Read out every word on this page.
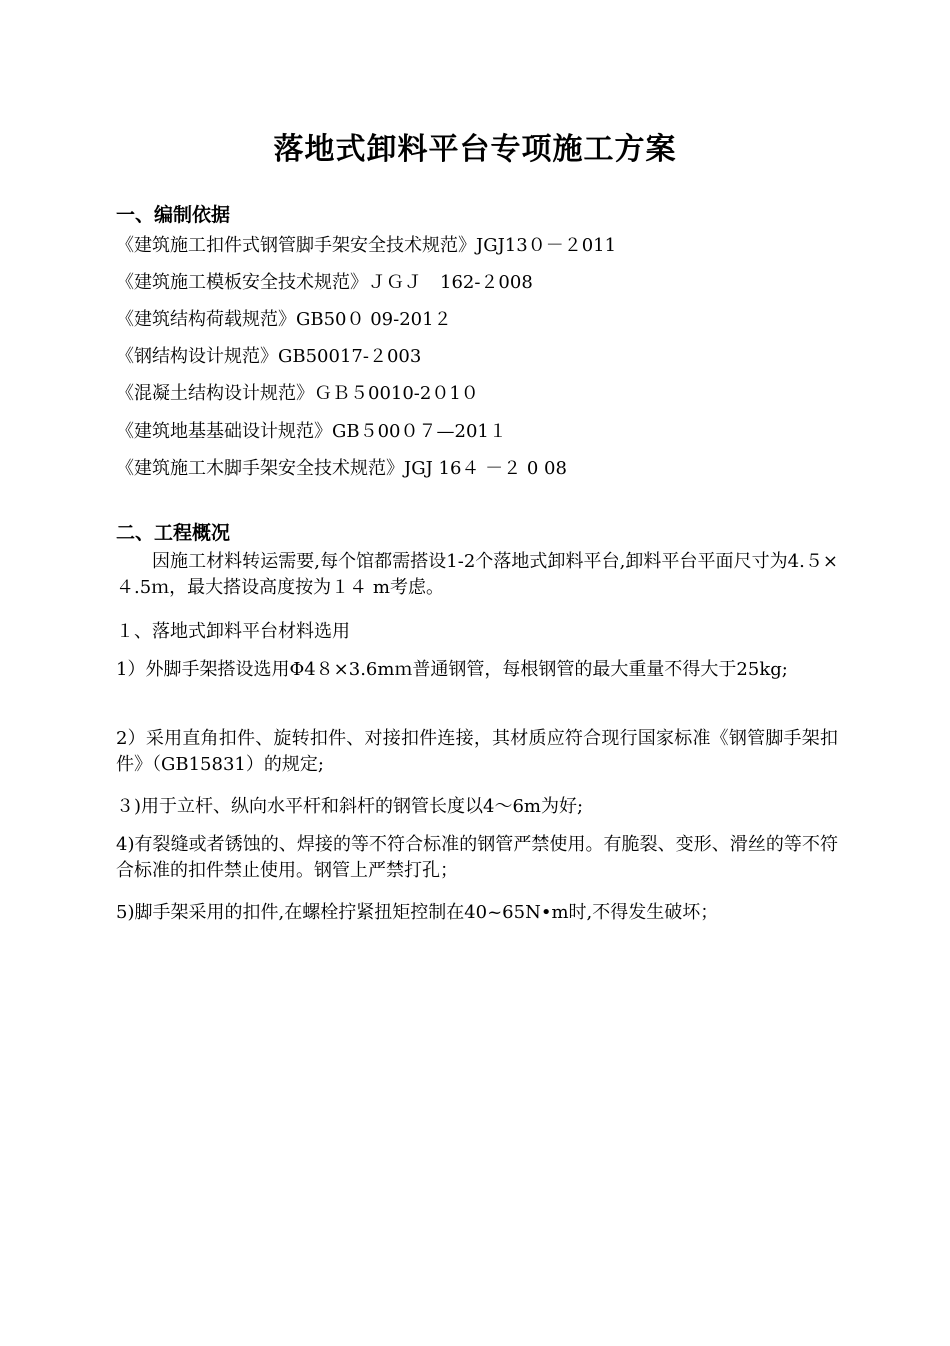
落地式卸料平台专项施工方案
一、编制依据
《建筑施工扣件式钢管脚手架安全技术规范》JGJ13０－２011
《建筑施工模板安全技术规范》ＪＧＪ　162-２008
《建筑结构荷载规范》GB50０ 09-201２
《钢结构设计规范》GB50017-２003
《混凝土结构设计规范》ＧＢ５0010-2０1０
《建筑地基基础设计规范》GB５00０７—201１
《建筑施工木脚手架安全技术规范》JGJ 16４ －２ 0 08
二、工程概况
因施工材料转运需要,每个馆都需搭设1-2个落地式卸料平台,卸料平台平面尺寸为4.５×４.5ｍ，最大搭设高度按为１４ m考虑。
１、落地式卸料平台材料选用
1）外脚手架搭设选用Φ4８×3.6mｍ普通钢管，每根钢管的最大重量不得大于25kg;
2）采用直角扣件、旋转扣件、对接扣件连接，其材质应符合现行国家标准《钢管脚手架扣件》（GB15831）的规定;
３)用于立杆、纵向水平杆和斜杆的钢管长度以4～6m为好;
4)有裂缝或者锈蚀的、焊接的等不符合标准的钢管严禁使用。有脆裂、变形、滑丝的等不符合标准的扣件禁止使用。钢管上严禁打孔；
5)脚手架采用的扣件,在螺栓拧紧扭矩控制在40~65N•m时,不得发生破坏；
